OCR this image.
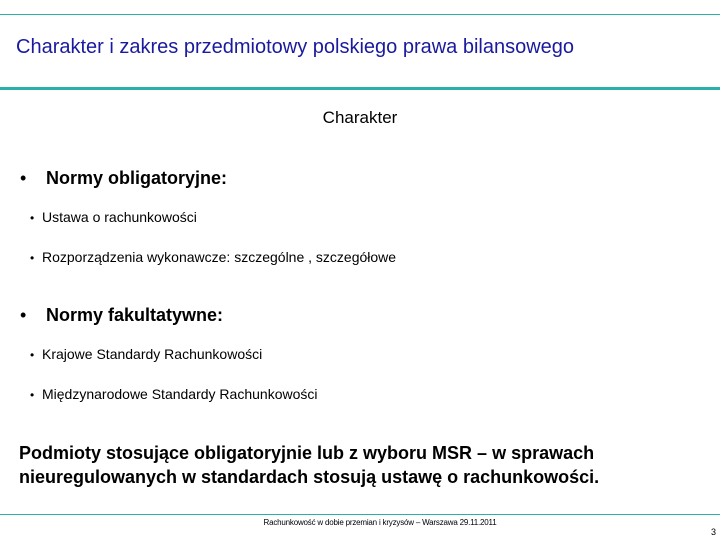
Charakter i zakres przedmiotowy polskiego prawa bilansowego
Charakter
•	Normy obligatoryjne:
• Ustawa o rachunkowości
• Rozporządzenia wykonawcze: szczególne , szczegółowe
•	Normy fakultatywne:
• Krajowe Standardy Rachunkowości
• Międzynarodowe Standardy Rachunkowości
Podmioty stosujące obligatoryjnie lub z wyboru MSR – w sprawach nieuregulowanych w standardach stosują ustawę o rachunkowości.
Rachunkowość w dobie przemian i kryzysów – Warszawa 29.11.2011
3
